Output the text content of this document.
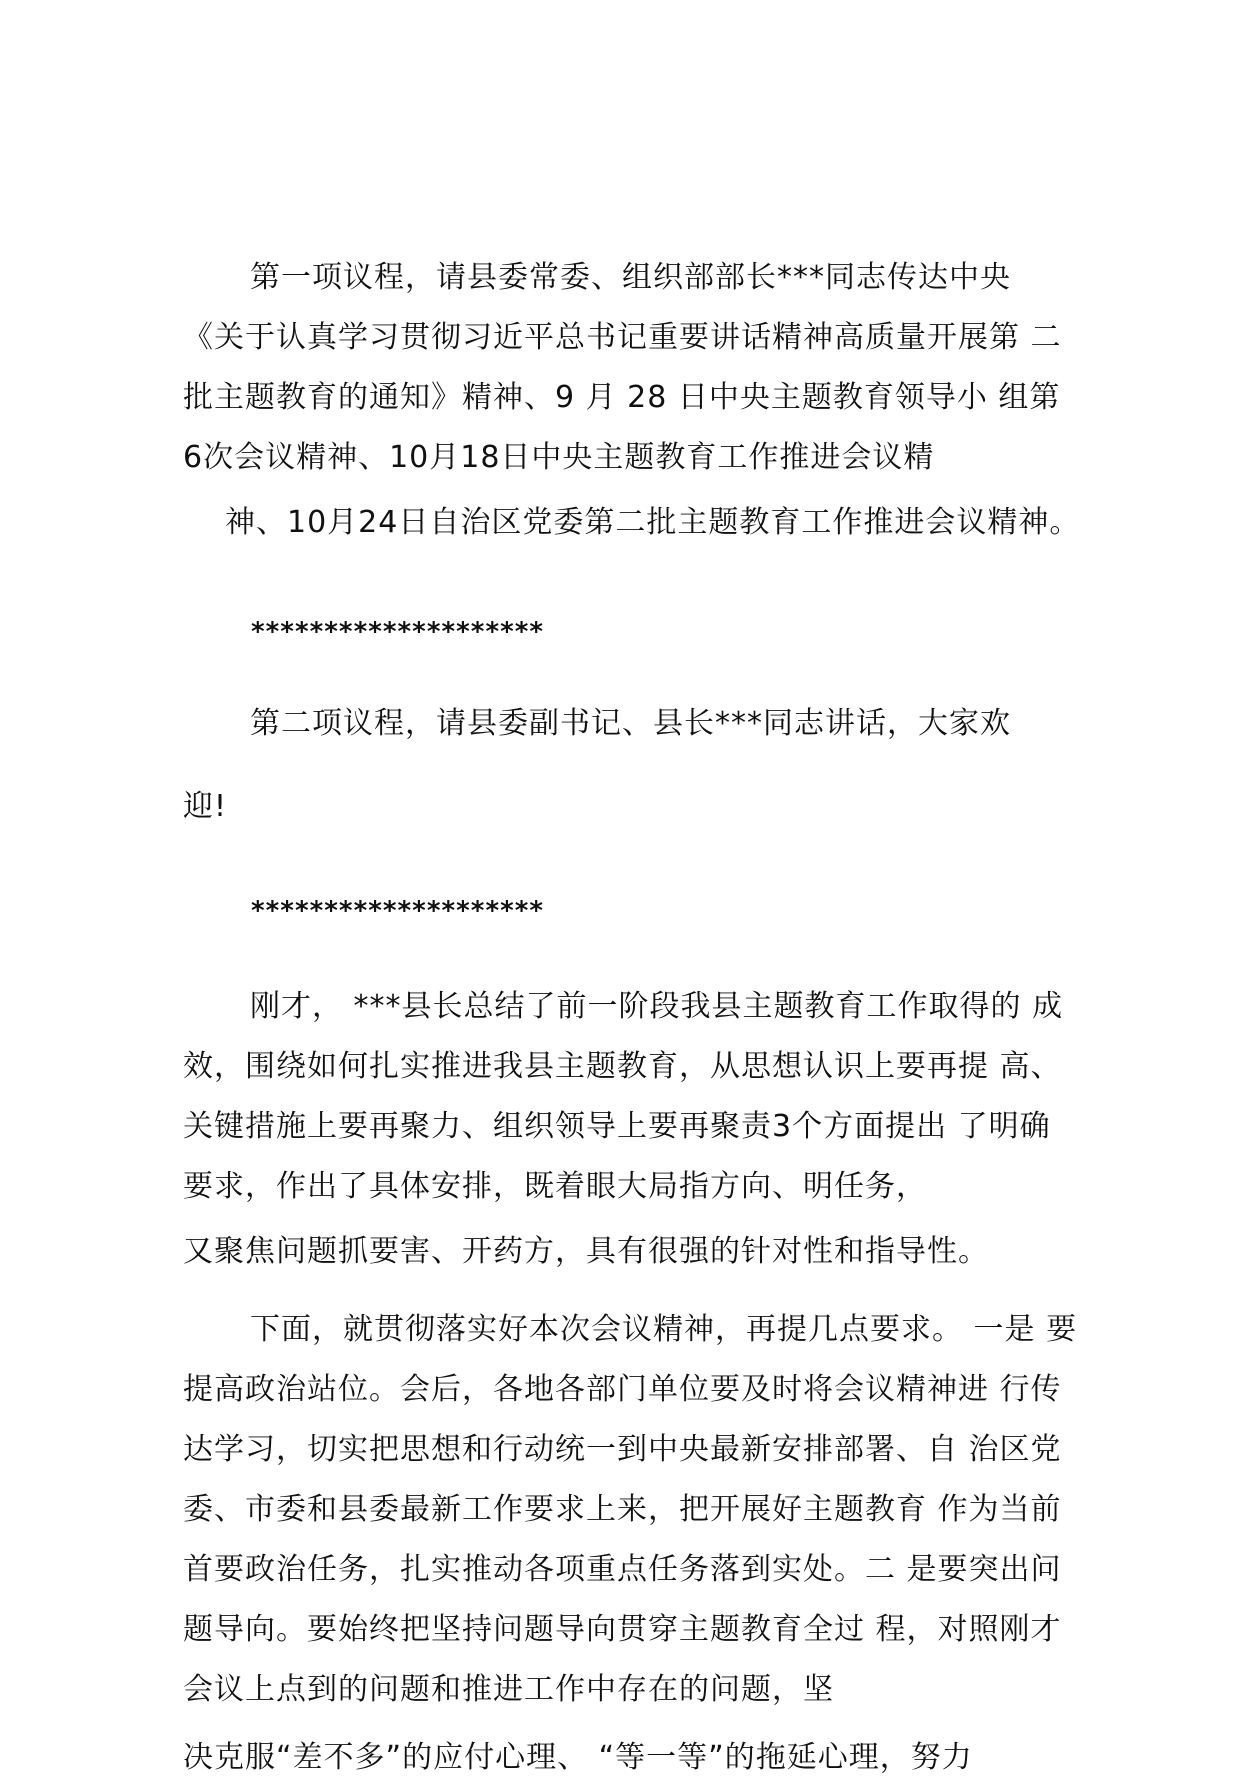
第一项议程，请县委常委、组织部部长***同志传达中央
《关于认真学习贯彻习近平总书记重要讲话精神高质量开展第 二
批主题教育的通知》精神、9 月 28 日中央主题教育领导小 组第
6次会议精神、10月18日中央主题教育工作推进会议精
神、10月24日自治区党委第二批主题教育工作推进会议精神。
********************
第二项议程，请县委副书记、县长***同志讲话，大家欢
迎!
********************
刚才， ***县长总结了前一阶段我县主题教育工作取得的 成
效，围绕如何扎实推进我县主题教育，从思想认识上要再提 高、
关键措施上要再聚力、组织领导上要再聚责3个方面提出 了明确
要求，作出了具体安排，既着眼大局指方向、明任务，
又聚焦问题抓要害、开药方，具有很强的针对性和指导性。
下面，就贯彻落实好本次会议精神，再提几点要求。 一是 要
提高政治站位。会后，各地各部门单位要及时将会议精神进 行传
达学习，切实把思想和行动统一到中央最新安排部署、自 治区党
委、市委和县委最新工作要求上来，把开展好主题教育 作为当前
首要政治任务，扎实推动各项重点任务落到实处。二 是要突出问
题导向。要始终把坚持问题导向贯穿主题教育全过 程，对照刚才
会议上点到的问题和推进工作中存在的问题，坚
决克服“差不多”的应付心理、 “等一等”的拖延心理，努力
